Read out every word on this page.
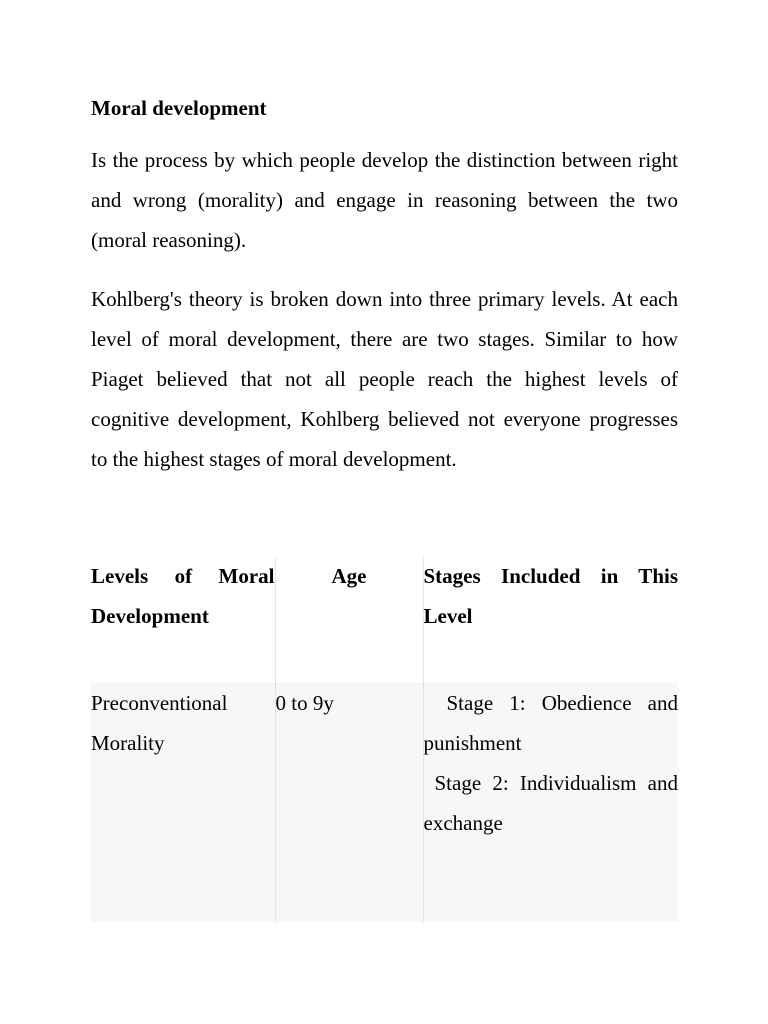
Moral development

Is the process by which people develop the distinction between right and wrong (morality) and engage in reasoning between the two (moral reasoning).

Kohlberg's theory is broken down into three primary levels. At each level of moral development, there are two stages. Similar to how Piaget believed that not all people reach the highest levels of cognitive development, Kohlberg believed not everyone progresses to the highest stages of moral development.

Levels of Moral Development	Age	Stages Included in This Level
Preconventional Morality	0 to 9y	Stage 1: Obedience and punishment
Stage 2: Individualism and exchange
